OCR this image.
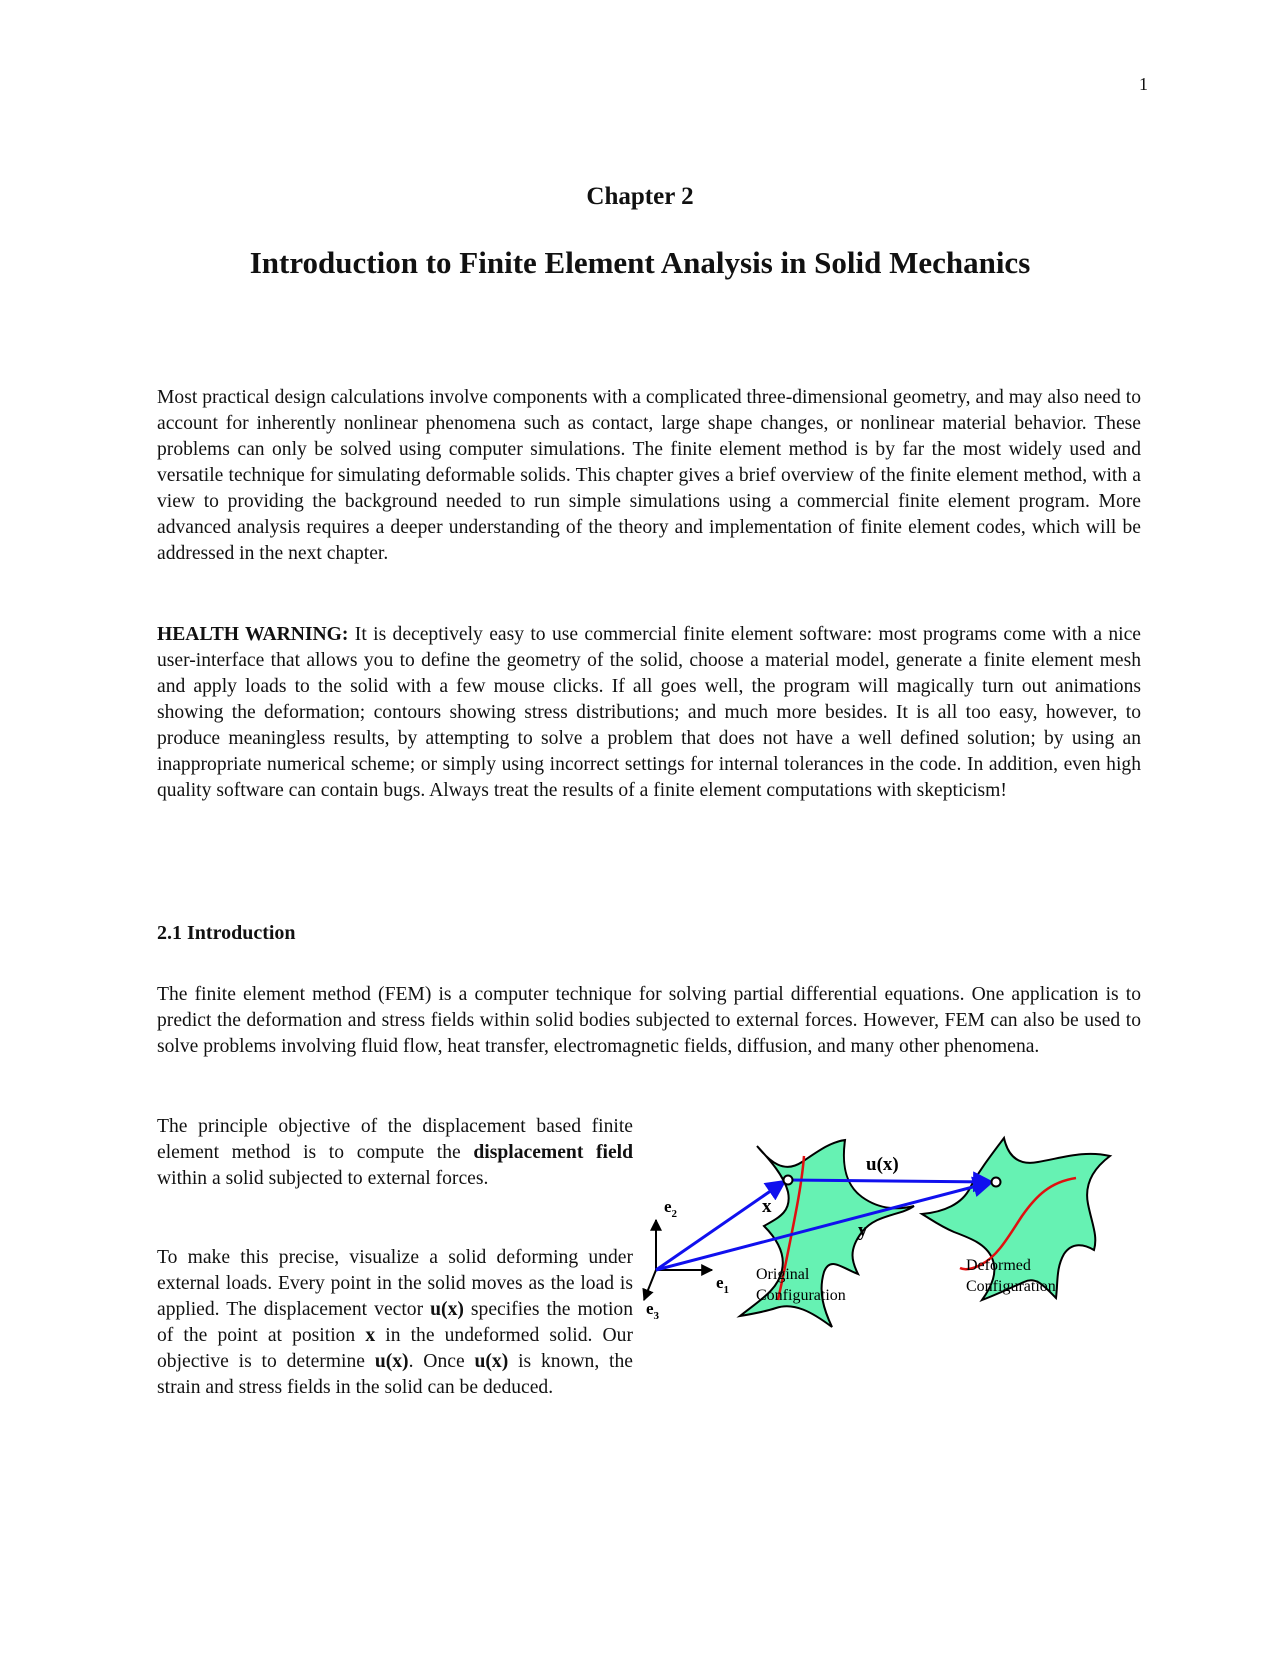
1
Chapter 2
Introduction to Finite Element Analysis in Solid Mechanics

Most practical design calculations involve components with a complicated three-dimensional geometry, and may also need to account for inherently nonlinear phenomena such as contact, large shape changes, or nonlinear material behavior. These problems can only be solved using computer simulations. The finite element method is by far the most widely used and versatile technique for simulating deformable solids. This chapter gives a brief overview of the finite element method, with a view to providing the background needed to run simple simulations using a commercial finite element program. More advanced analysis requires a deeper understanding of the theory and implementation of finite element codes, which will be addressed in the next chapter.

HEALTH WARNING: It is deceptively easy to use commercial finite element software: most programs come with a nice user-interface that allows you to define the geometry of the solid, choose a material model, generate a finite element mesh and apply loads to the solid with a few mouse clicks. If all goes well, the program will magically turn out animations showing the deformation; contours showing stress distributions; and much more besides. It is all too easy, however, to produce meaningless results, by attempting to solve a problem that does not have a well defined solution; by using an inappropriate numerical scheme; or simply using incorrect settings for internal tolerances in the code. In addition, even high quality software can contain bugs. Always treat the results of a finite element computations with skepticism!

2.1 Introduction

The finite element method (FEM) is a computer technique for solving partial differential equations. One application is to predict the deformation and stress fields within solid bodies subjected to external forces. However, FEM can also be used to solve problems involving fluid flow, heat transfer, electromagnetic fields, diffusion, and many other phenomena.

The principle objective of the displacement based finite element method is to compute the displacement field within a solid subjected to external forces.

To make this precise, visualize a solid deforming under external loads. Every point in the solid moves as the load is applied. The displacement vector u(x) specifies the motion of the point at position x in the undeformed solid. Our objective is to determine u(x). Once u(x) is known, the strain and stress fields in the solid can be deduced.

$e_2$
$e_1$
$e_3$
x
y
u(x)
Original
Configuration
Deformed
Configuration
